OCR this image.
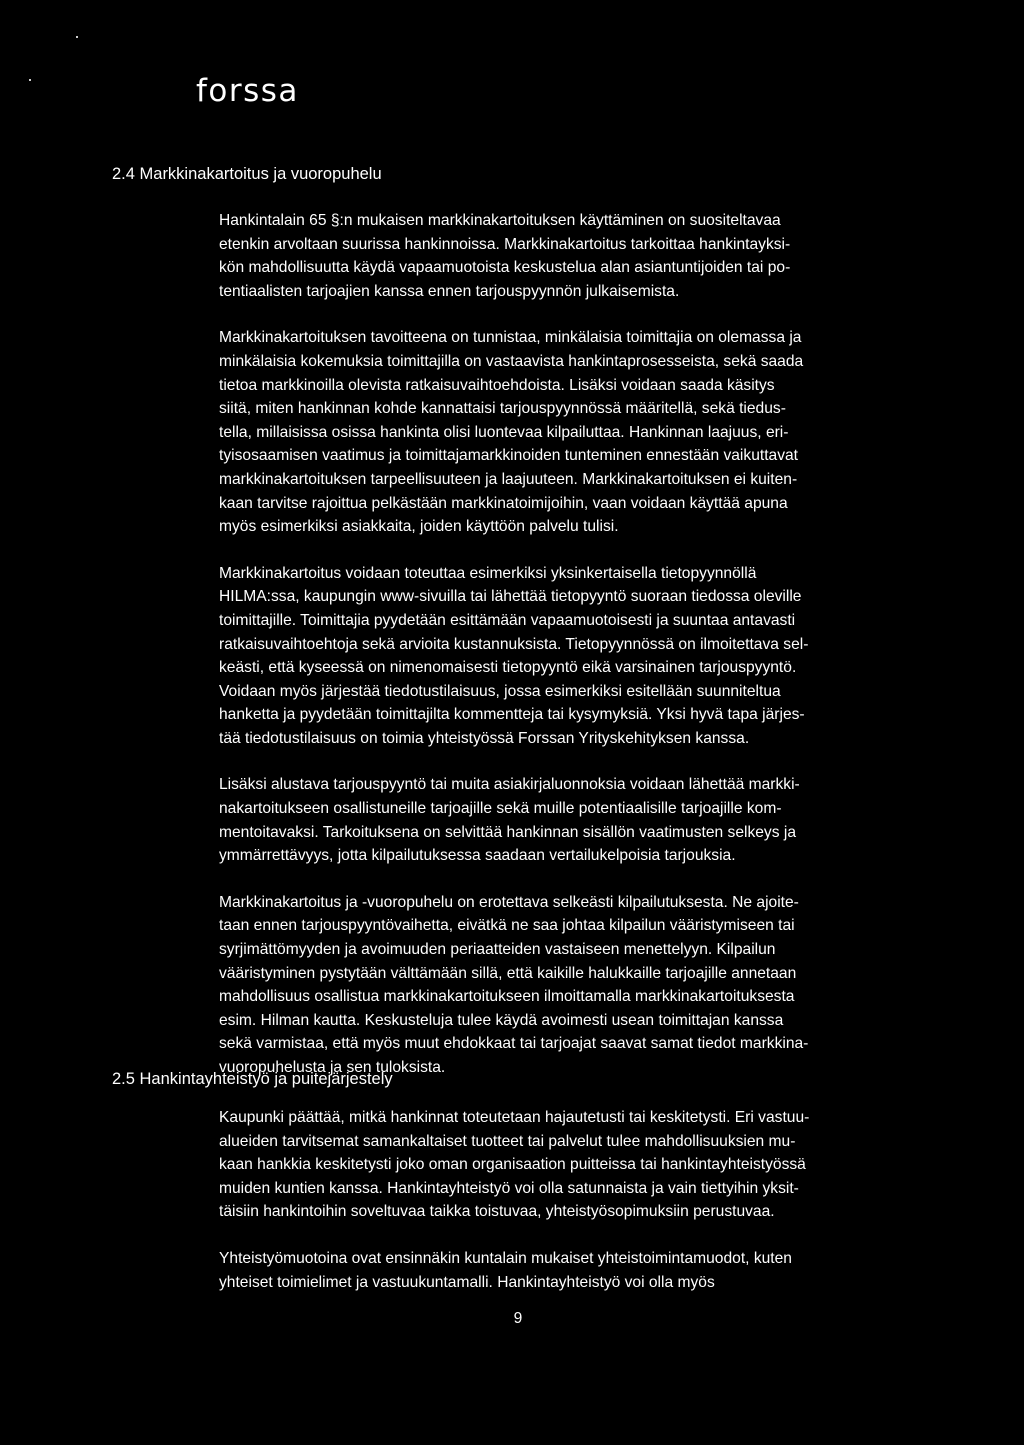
forssa
2.4 Markkinakartoitus ja vuoropuhelu

Hankintalain 65 §:n mukaisen markkinakartoituksen käyttäminen on suositeltavaa
etenkin arvoltaan suurissa hankinnoissa. Markkinakartoitus tarkoittaa hankintayksi-
kön mahdollisuutta käydä vapaamuotoista keskustelua alan asiantuntijoiden tai po-
tentiaalisten tarjoajien kanssa ennen tarjouspyynnön julkaisemista.

Markkinakartoituksen tavoitteena on tunnistaa, minkälaisia toimittajia on olemassa ja
minkälaisia kokemuksia toimittajilla on vastaavista hankintaprosesseista, sekä saada
tietoa markkinoilla olevista ratkaisuvaihtoehdoista. Lisäksi voidaan saada käsitys
siitä, miten hankinnan kohde kannattaisi tarjouspyynnössä määritellä, sekä tiedus-
tella, millaisissa osissa hankinta olisi luontevaa kilpailuttaa. Hankinnan laajuus, eri-
tyisosaamisen vaatimus ja toimittajamarkkinoiden tunteminen ennestään vaikuttavat
markkinakartoituksen tarpeellisuuteen ja laajuuteen. Markkinakartoituksen ei kuiten-
kaan tarvitse rajoittua pelkästään markkinatoimijoihin, vaan voidaan käyttää apuna
myös esimerkiksi asiakkaita, joiden käyttöön palvelu tulisi.

Markkinakartoitus voidaan toteuttaa esimerkiksi yksinkertaisella tietopyynnöllä
HILMA:ssa, kaupungin www-sivuilla tai lähettää tietopyyntö suoraan tiedossa oleville
toimittajille. Toimittajia pyydetään esittämään vapaamuotoisesti ja suuntaa antavasti
ratkaisuvaihtoehtoja sekä arvioita kustannuksista. Tietopyynnössä on ilmoitettava sel-
keästi, että kyseessä on nimenomaisesti tietopyyntö eikä varsinainen tarjouspyyntö.
Voidaan myös järjestää tiedotustilaisuus, jossa esimerkiksi esitellään suunniteltua
hanketta ja pyydetään toimittajilta kommentteja tai kysymyksiä. Yksi hyvä tapa järjes-
tää tiedotustilaisuus on toimia yhteistyössä Forssan Yrityskehityksen kanssa.

Lisäksi alustava tarjouspyyntö tai muita asiakirjaluonnoksia voidaan lähettää markki-
nakartoitukseen osallistuneille tarjoajille sekä muille potentiaalisille tarjoajille kom-
mentoitavaksi. Tarkoituksena on selvittää hankinnan sisällön vaatimusten selkeys ja
ymmärrettävyys, jotta kilpailutuksessa saadaan vertailukelpoisia tarjouksia.

Markkinakartoitus ja -vuoropuhelu on erotettava selkeästi kilpailutuksesta. Ne ajoite-
taan ennen tarjouspyyntövaihetta, eivätkä ne saa johtaa kilpailun vääristymiseen tai
syrjimättömyyden ja avoimuuden periaatteiden vastaiseen menettelyyn. Kilpailun
vääristyminen pystytään välttämään sillä, että kaikille halukkaille tarjoajille annetaan
mahdollisuus osallistua markkinakartoitukseen ilmoittamalla markkinakartoituksesta
esim. Hilman kautta. Keskusteluja tulee käydä avoimesti usean toimittajan kanssa
sekä varmistaa, että myös muut ehdokkaat tai tarjoajat saavat samat tiedot markkina-
vuoropuhelusta ja sen tuloksista.

2.5 Hankintayhteistyö ja puitejärjestely

Kaupunki päättää, mitkä hankinnat toteutetaan hajautetusti tai keskitetysti. Eri vastuu-
alueiden tarvitsemat samankaltaiset tuotteet tai palvelut tulee mahdollisuuksien mu-
kaan hankkia keskitetysti joko oman organisaation puitteissa tai hankintayhteistyössä
muiden kuntien kanssa. Hankintayhteistyö voi olla satunnaista ja vain tiettyihin yksit-
täisiin hankintoihin soveltuvaa taikka toistuvaa, yhteistyösopimuksiin perustuvaa.

Yhteistyömuotoina ovat ensinnäkin kuntalain mukaiset yhteistoimintamuodot, kuten
yhteiset toimielimet ja vastuukuntamalli. Hankintayhteistyö voi olla myös

9
